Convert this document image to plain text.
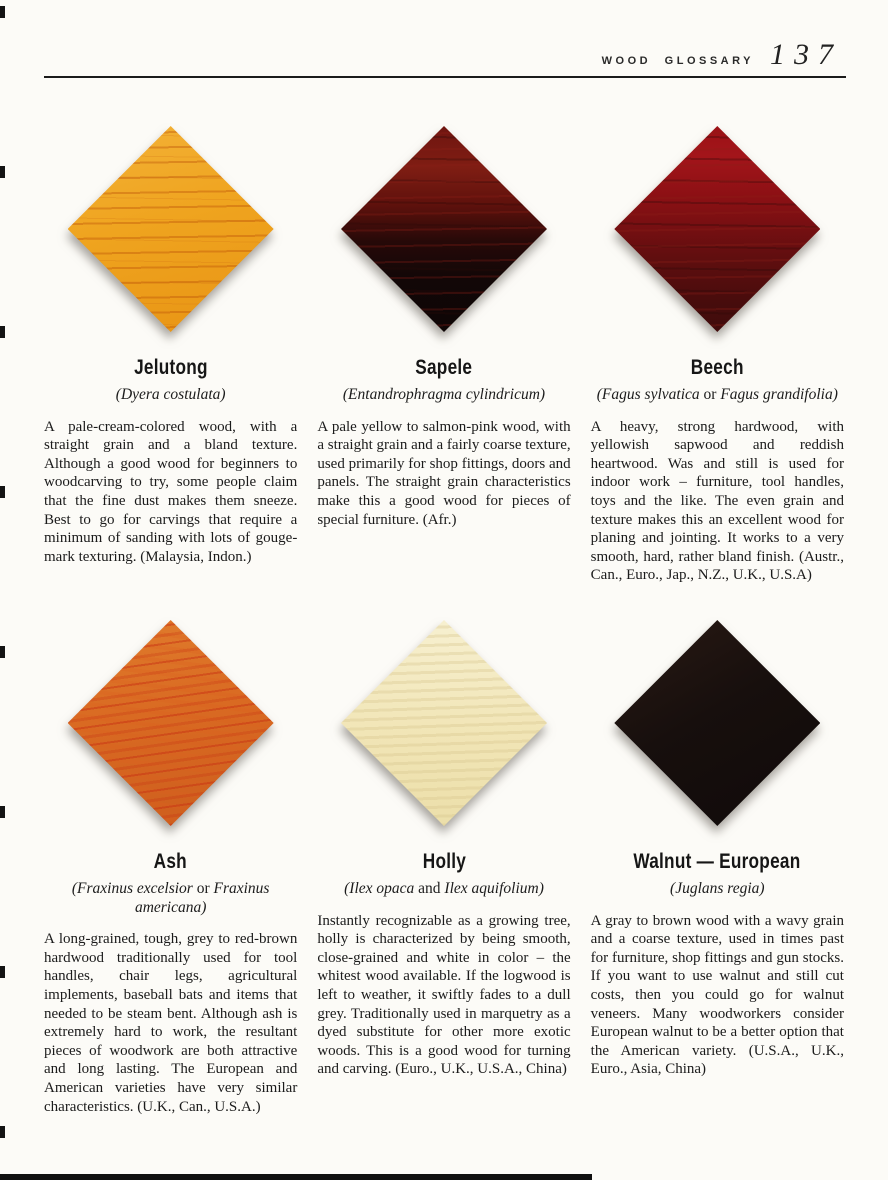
WOOD GLOSSARY 137
Jelutong

(Dyera costulata)

A pale-cream-colored wood, with a straight grain and a bland texture. Although a good wood for beginners to woodcarving to try, some people claim that the fine dust makes them sneeze. Best to go for carvings that require a minimum of sanding with lots of gouge-mark texturing. (Malaysia, Indon.)

Sapele

(Entandrophragma cylindricum)

A pale yellow to salmon-pink wood, with a straight grain and a fairly coarse texture, used primarily for shop fittings, doors and panels. The straight grain characteristics make this a good wood for pieces of special furniture. (Afr.)

Beech

(Fagus sylvatica or Fagus grandifolia)

A heavy, strong hardwood, with yellowish sapwood and reddish heartwood. Was and still is used for indoor work – furniture, tool handles, toys and the like. The even grain and texture makes this an excellent wood for planing and jointing. It works to a very smooth, hard, rather bland finish. (Austr., Can., Euro., Jap., N.Z., U.K., U.S.A)

Ash

(Fraxinus excelsior or Fraxinus americana)

A long-grained, tough, grey to red-brown hardwood traditionally used for tool handles, chair legs, agricultural implements, baseball bats and items that needed to be steam bent. Although ash is extremely hard to work, the resultant pieces of woodwork are both attractive and long lasting. The European and American varieties have very similar characteristics. (U.K., Can., U.S.A.)

Holly

(Ilex opaca and Ilex aquifolium)

Instantly recognizable as a growing tree, holly is characterized by being smooth, close-grained and white in color – the whitest wood available. If the logwood is left to weather, it swiftly fades to a dull grey. Traditionally used in marquetry as a dyed substitute for other more exotic woods. This is a good wood for turning and carving. (Euro., U.K., U.S.A., China)

Walnut — European

(Juglans regia)

A gray to brown wood with a wavy grain and a coarse texture, used in times past for furniture, shop fittings and gun stocks. If you want to use walnut and still cut costs, then you could go for walnut veneers. Many woodworkers consider European walnut to be a better option that the American variety. (U.S.A., U.K., Euro., Asia, China)
